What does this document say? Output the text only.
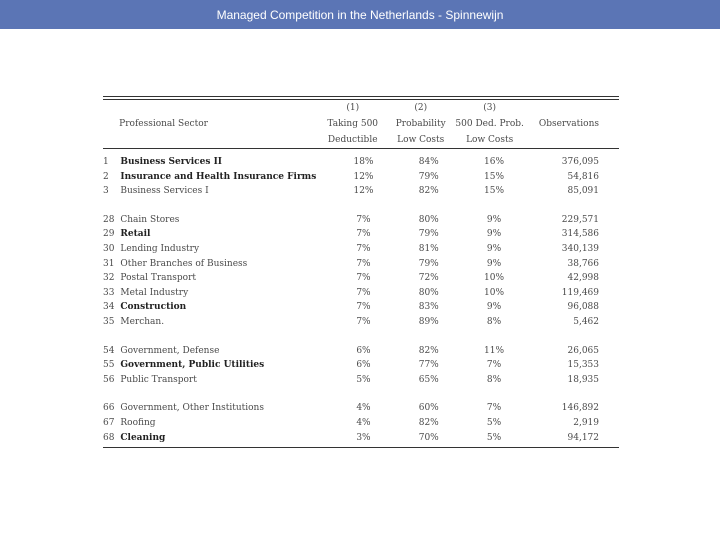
Managed Competition in the Netherlands - Spinnewijn
		(1)	(2)	(3)	
	Professional Sector	Taking 500	Probability	500 Ded. Prob.	Observations
		Deductible	Low Costs	Low Costs	

1	Business Services II	18%	84%	16%	376,095
2	Insurance and Health Insurance Firms	12%	79%	15%	54,816
3	Business Services I	12%	82%	15%	85,091

28	Chain Stores	7%	80%	9%	229,571
29	Retail	7%	79%	9%	314,586
30	Lending Industry	7%	81%	9%	340,139
31	Other Branches of Business	7%	79%	9%	38,766
32	Postal Transport	7%	72%	10%	42,998
33	Metal Industry	7%	80%	10%	119,469
34	Construction	7%	83%	9%	96,088
35	Merchan.	7%	89%	8%	5,462

54	Government, Defense	6%	82%	11%	26,065
55	Government, Public Utilities	6%	77%	7%	15,353
56	Public Transport	5%	65%	8%	18,935

66	Government, Other Institutions	4%	60%	7%	146,892
67	Roofing	4%	82%	5%	2,919
68	Cleaning	3%	70%	5%	94,172
